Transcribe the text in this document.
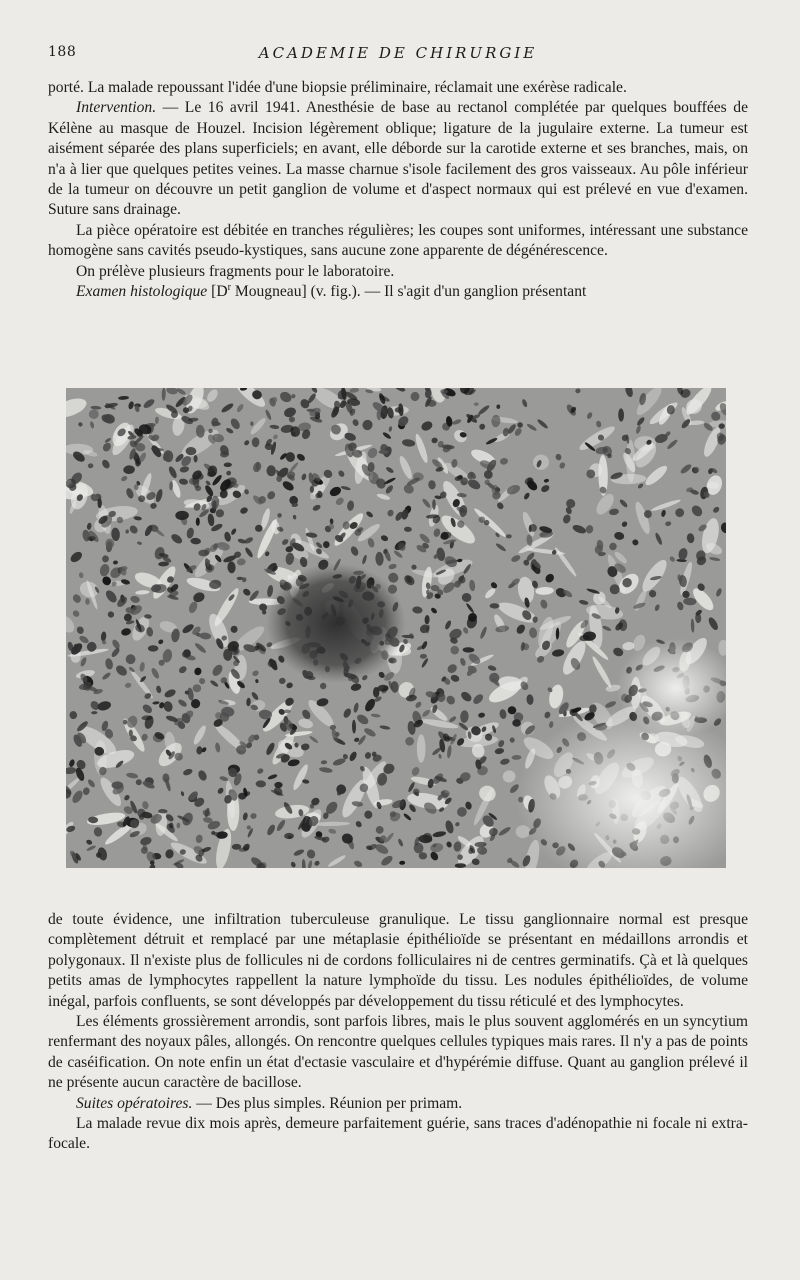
188	ACADEMIE DE CHIRURGIE

porté. La malade repoussant l'idée d'une biopsie préliminaire, réclamait une exérèse radicale.

Intervention. — Le 16 avril 1941. Anesthésie de base au rectanol complétée par quelques bouffées de Kélène au masque de Houzel. Incision légèrement oblique; ligature de la jugulaire externe. La tumeur est aisément séparée des plans superficiels; en avant, elle déborde sur la carotide externe et ses branches, mais, on n'a à lier que quelques petites veines. La masse charnue s'isole facilement des gros vaisseaux. Au pôle inférieur de la tumeur on découvre un petit ganglion de volume et d'aspect normaux qui est prélevé en vue d'examen. Suture sans drainage.

La pièce opératoire est débitée en tranches régulières; les coupes sont uniformes, intéressant une substance homogène sans cavités pseudo-kystiques, sans aucune zone apparente de dégénérescence.

On prélève plusieurs fragments pour le laboratoire.

Examen histologique [$D^r$ Mougneau] (v. fig.). — Il s'agit d'un ganglion présentant

de toute évidence, une infiltration tuberculeuse granulique. Le tissu ganglionnaire normal est presque complètement détruit et remplacé par une métaplasie épithélioïde se présentant en médaillons arrondis et polygonaux. Il n'existe plus de follicules ni de cordons folliculaires ni de centres germinatifs. Çà et là quelques petits amas de lymphocytes rappellent la nature lymphoïde du tissu. Les nodules épithélioïdes, de volume inégal, parfois confluents, se sont développés par développement du tissu réticulé et des lymphocytes.

Les éléments grossièrement arrondis, sont parfois libres, mais le plus souvent agglomérés en un syncytium renfermant des noyaux pâles, allongés. On rencontre quelques cellules typiques mais rares. Il n'y a pas de points de caséification. On note enfin un état d'ectasie vasculaire et d'hypérémie diffuse. Quant au ganglion prélevé il ne présente aucun caractère de bacillose.

Suites opératoires. — Des plus simples. Réunion per primam.

La malade revue dix mois après, demeure parfaitement guérie, sans traces d'adénopathie ni focale ni extra-focale.
